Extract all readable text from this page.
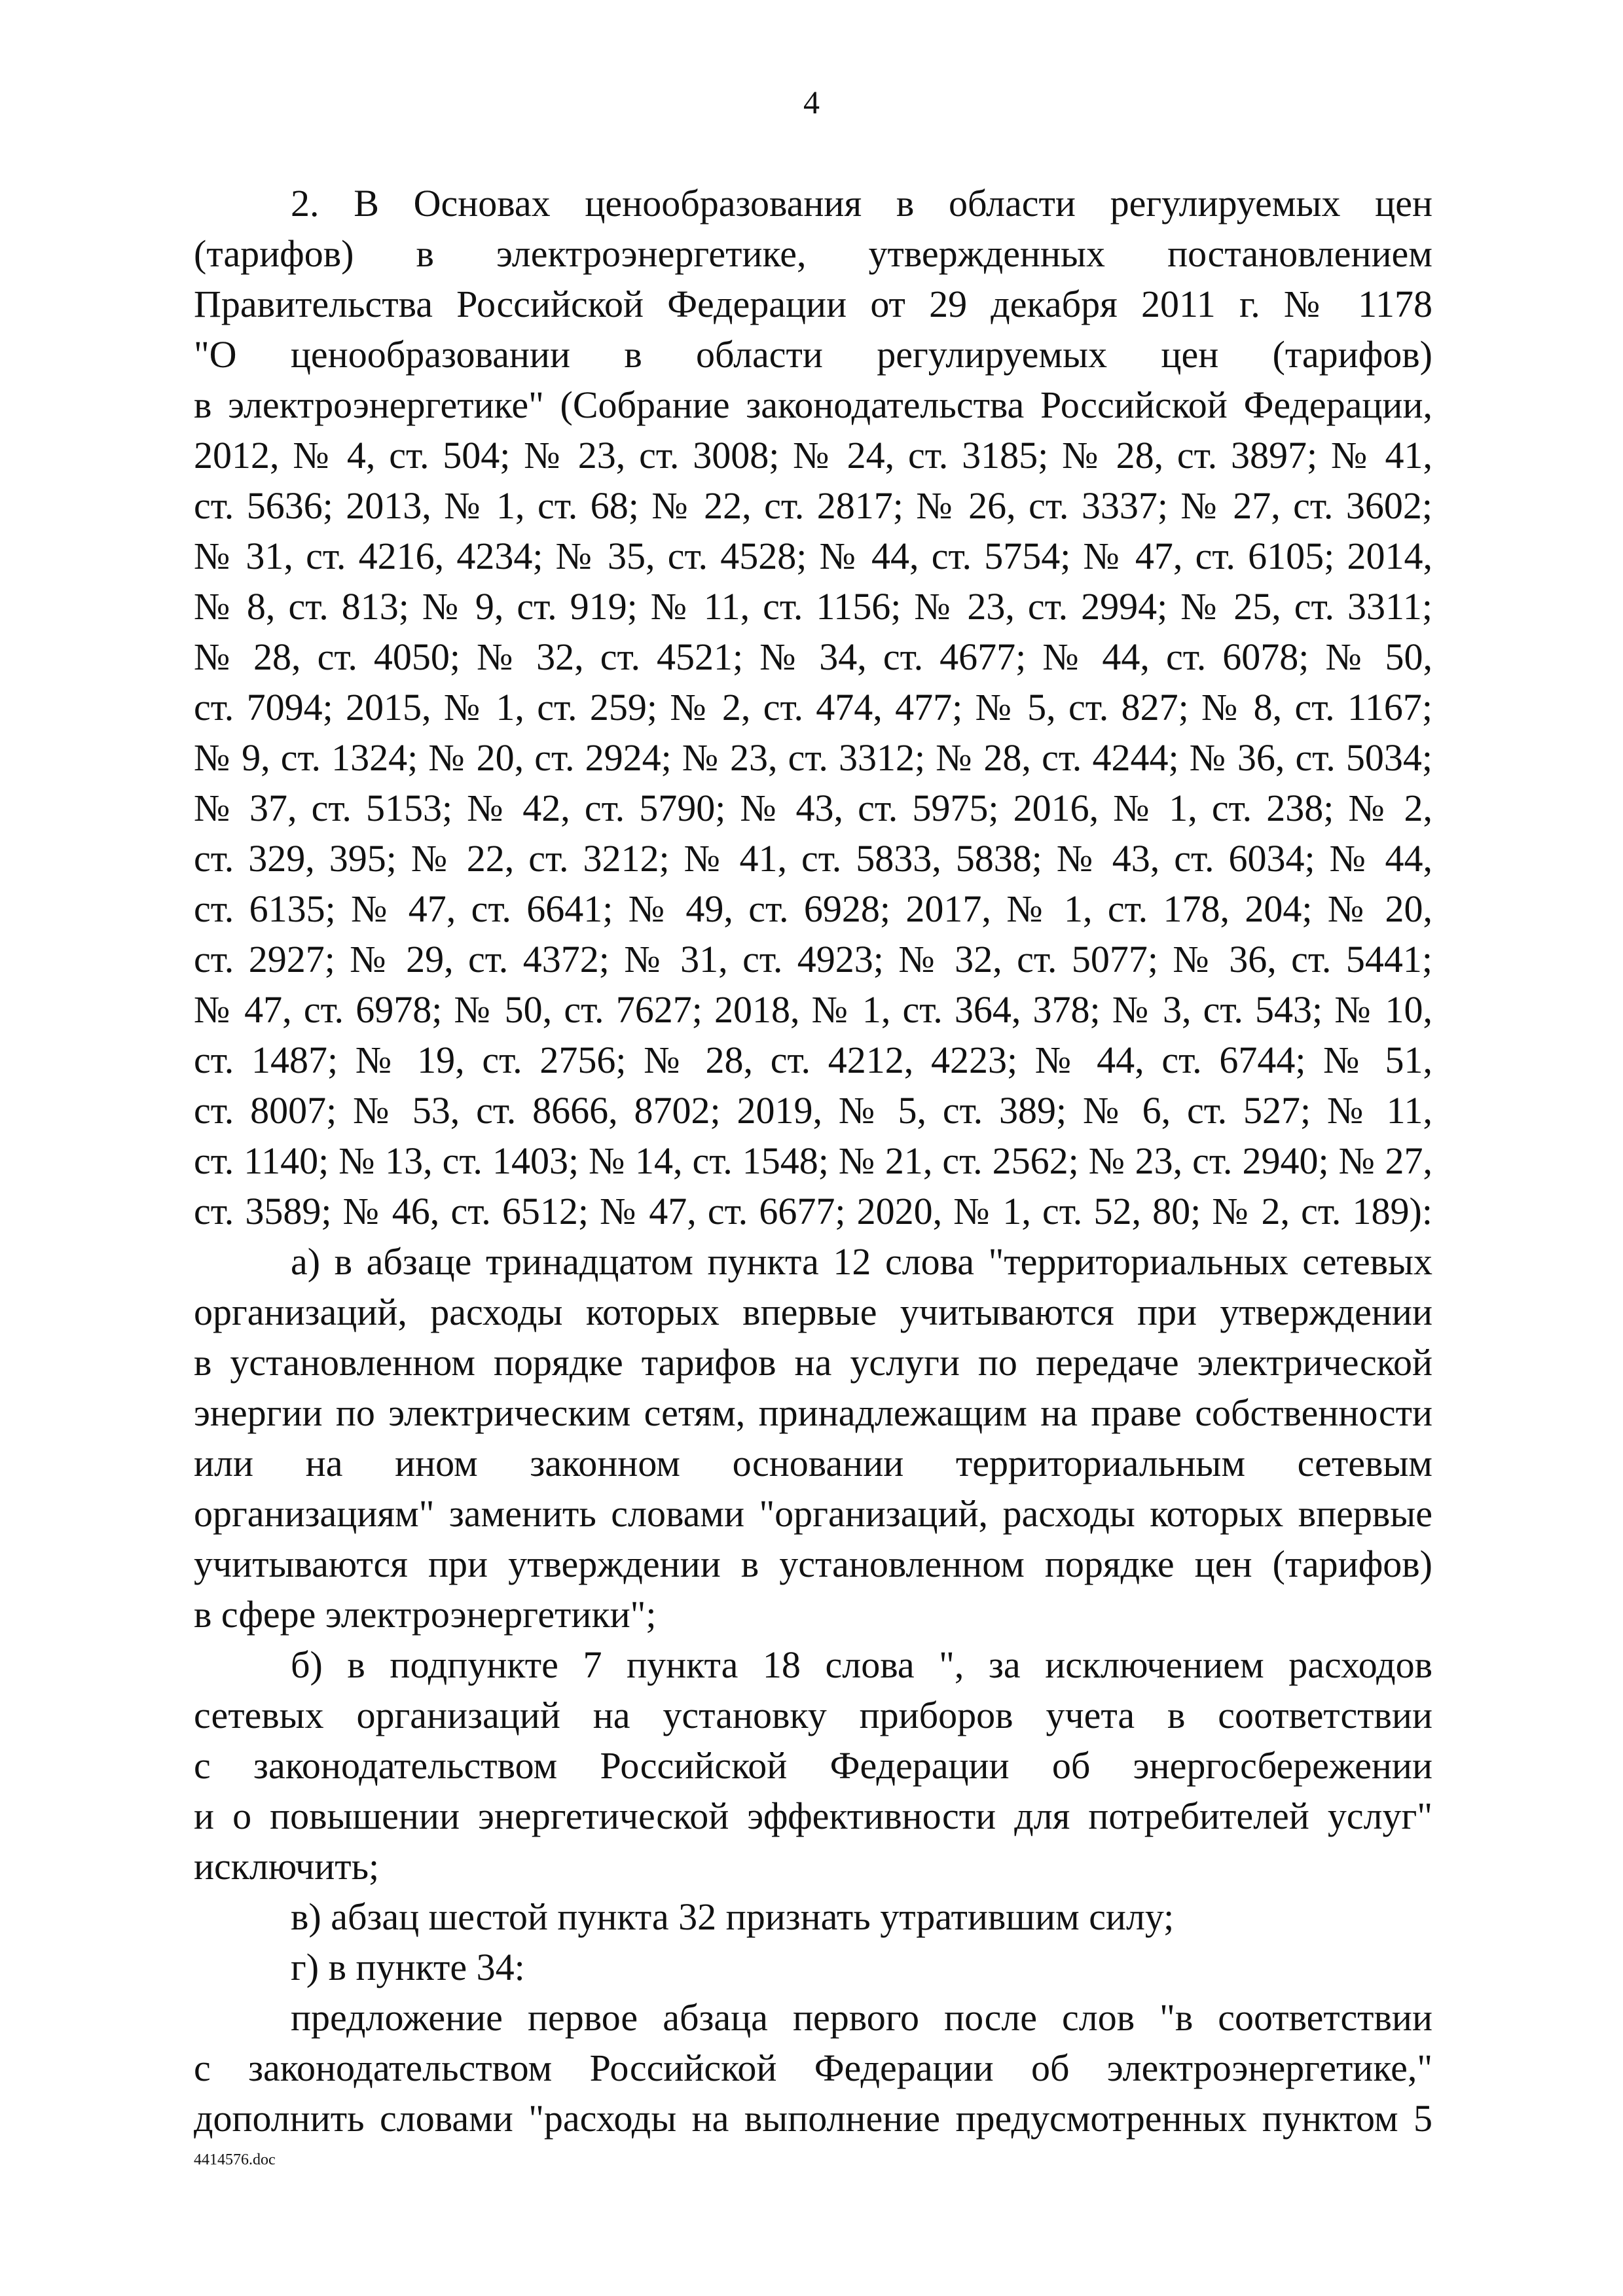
4
2. В Основах ценообразования в области регулируемых цен
(тарифов) в электроэнергетике, утвержденных постановлением
Правительства Российской Федерации от 29 декабря 2011 г. № 1178
"О ценообразовании в области регулируемых цен (тарифов)
в электроэнергетике" (Собрание законодательства Российской Федерации,
2012, № 4, ст. 504; № 23, ст. 3008; № 24, ст. 3185; № 28, ст. 3897; № 41,
ст. 5636; 2013, № 1, ст. 68; № 22, ст. 2817; № 26, ст. 3337; № 27, ст. 3602;
№ 31, ст. 4216, 4234; № 35, ст. 4528; № 44, ст. 5754; № 47, ст. 6105; 2014,
№ 8, ст. 813; № 9, ст. 919; № 11, ст. 1156; № 23, ст. 2994; № 25, ст. 3311;
№ 28, ст. 4050; № 32, ст. 4521; № 34, ст. 4677; № 44, ст. 6078; № 50,
ст. 7094; 2015, № 1, ст. 259; № 2, ст. 474, 477; № 5, ст. 827; № 8, ст. 1167;
№ 9, ст. 1324; № 20, ст. 2924; № 23, ст. 3312; № 28, ст. 4244; № 36, ст. 5034;
№ 37, ст. 5153; № 42, ст. 5790; № 43, ст. 5975; 2016, № 1, ст. 238; № 2,
ст. 329, 395; № 22, ст. 3212; № 41, ст. 5833, 5838; № 43, ст. 6034; № 44,
ст. 6135; № 47, ст. 6641; № 49, ст. 6928; 2017, № 1, ст. 178, 204; № 20,
ст. 2927; № 29, ст. 4372; № 31, ст. 4923; № 32, ст. 5077; № 36, ст. 5441;
№ 47, ст. 6978; № 50, ст. 7627; 2018, № 1, ст. 364, 378; № 3, ст. 543; № 10,
ст. 1487; № 19, ст. 2756; № 28, ст. 4212, 4223; № 44, ст. 6744; № 51,
ст. 8007; № 53, ст. 8666, 8702; 2019, № 5, ст. 389; № 6, ст. 527; № 11,
ст. 1140; № 13, ст. 1403; № 14, ст. 1548; № 21, ст. 2562; № 23, ст. 2940; № 27,
ст. 3589; № 46, ст. 6512; № 47, ст. 6677; 2020, № 1, ст. 52, 80; № 2, ст. 189):
а) в абзаце тринадцатом пункта 12 слова "территориальных сетевых
организаций, расходы которых впервые учитываются при утверждении
в установленном порядке тарифов на услуги по передаче электрической
энергии по электрическим сетям, принадлежащим на праве собственности
или на ином законном основании территориальным сетевым
организациям" заменить словами "организаций, расходы которых впервые
учитываются при утверждении в установленном порядке цен (тарифов)
в сфере электроэнергетики";
б) в подпункте 7 пункта 18 слова ", за исключением расходов
сетевых организаций на установку приборов учета в соответствии
с законодательством Российской Федерации об энергосбережении
и о повышении энергетической эффективности для потребителей услуг"
исключить;
в) абзац шестой пункта 32 признать утратившим силу;
г) в пункте 34:
предложение первое абзаца первого после слов "в соответствии
с законодательством Российской Федерации об электроэнергетике,"
дополнить словами "расходы на выполнение предусмотренных пунктом 5
4414576.doc
